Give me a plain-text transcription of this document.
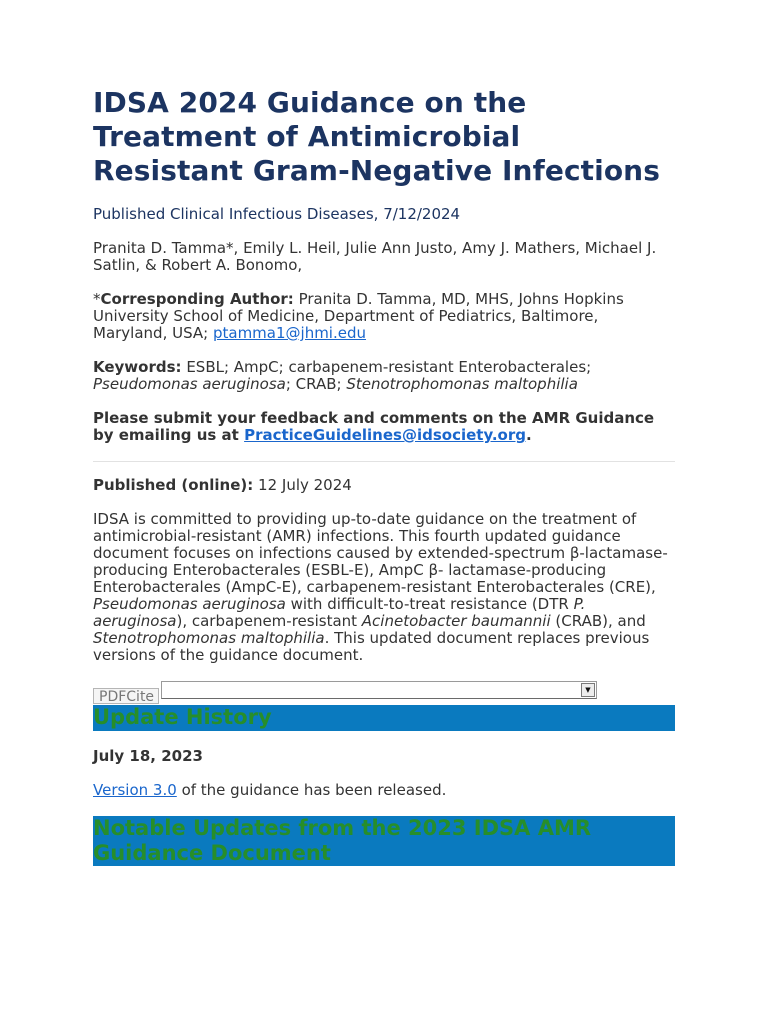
IDSA 2024 Guidance on the Treatment of Antimicrobial Resistant Gram-Negative Infections
Published Clinical Infectious Diseases, 7/12/2024

Pranita D. Tamma*, Emily L. Heil, Julie Ann Justo, Amy J. Mathers, Michael J. Satlin, & Robert A. Bonomo,

*Corresponding Author: Pranita D. Tamma, MD, MHS, Johns Hopkins University School of Medicine, Department of Pediatrics, Baltimore, Maryland, USA; ptamma1@jhmi.edu

Keywords: ESBL; AmpC; carbapenem-resistant Enterobacterales; Pseudomonas aeruginosa; CRAB; Stenotrophomonas maltophilia

Please submit your feedback and comments on the AMR Guidance by emailing us at PracticeGuidelines@idsociety.org.

Published (online): 12 July 2024

IDSA is committed to providing up-to-date guidance on the treatment of antimicrobial-resistant (AMR) infections. This fourth updated guidance document focuses on infections caused by extended-spectrum β-lactamase-producing Enterobacterales (ESBL-E), AmpC β- lactamase-producing Enterobacterales (AmpC-E), carbapenem-resistant Enterobacterales (CRE), Pseudomonas aeruginosa with difficult-to-treat resistance (DTR P. aeruginosa), carbapenem-resistant Acinetobacter baumannii (CRAB), and Stenotrophomonas maltophilia. This updated document replaces previous versions of the guidance document.

PDFCite	▼
Update History
July 18, 2023

Version 3.0 of the guidance has been released.

Notable Updates from the 2023 IDSA AMR Guidance Document
